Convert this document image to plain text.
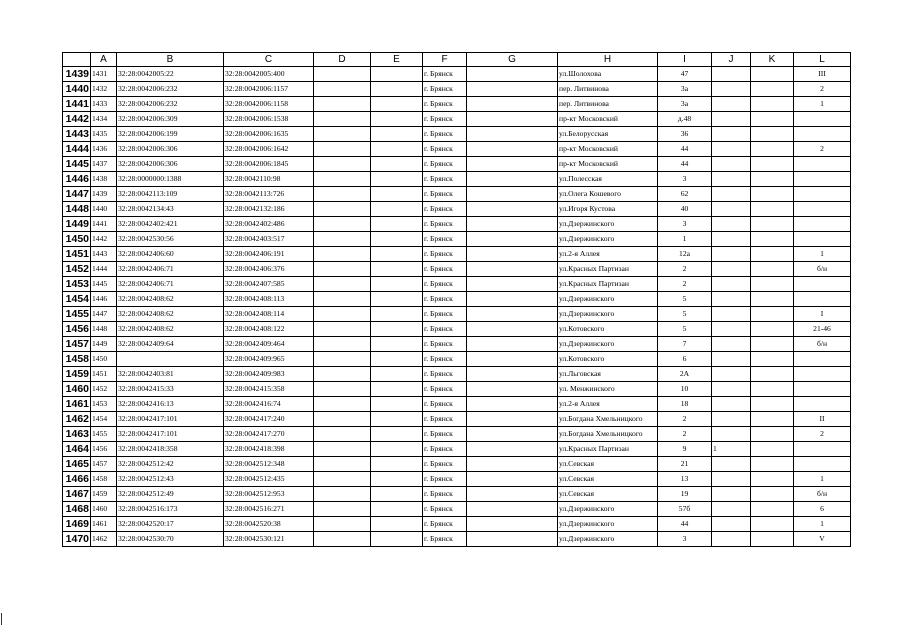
	A	B	C	D	E	F	G	H	I	J	K	L
1439	1431	32:28:0042005:22	32:28:0042005:400			г. Брянск		ул.Шолохова	47			III
1440	1432	32:28:0042006:232	32:28:0042006:1157			г. Брянск		пер. Литвинова	3а			2
1441	1433	32:28:0042006:232	32:28:0042006:1158			г. Брянск		пер. Литвинова	3а			1
1442	1434	32:28:0042006:309	32:28:0042006:1538			г. Брянск		пр-кт Московский	д.48			
1443	1435	32:28:0042006:199	32:28:0042006:1635			г. Брянск		ул.Белорусская	36			
1444	1436	32:28:0042006:306	32:28:0042006:1642			г. Брянск		пр-кт Московский	44			2
1445	1437	32:28:0042006:306	32:28:0042006:1845			г. Брянск		пр-кт Московский	44			
1446	1438	32:28:0000000:1388	32:28:0042110:98			г. Брянск		ул.Полесская	3			
1447	1439	32:28:0042113:109	32:28:0042113:726			г. Брянск		ул.Олега Кошевого	62			
1448	1440	32:28:0042134:43	32:28:0042132:186			г. Брянск		ул.Игоря Кустова	40			
1449	1441	32:28:0042402:421	32:28:0042402:486			г. Брянск		ул.Дзержинского	3			
1450	1442	32:28:0042530:56	32:28:0042403:517			г. Брянск		ул.Дзержинского	1			
1451	1443	32:28:0042406:60	32:28:0042406:191			г. Брянск		ул.2-я Аллея	12а			1
1452	1444	32:28:0042406:71	32:28:0042406:376			г. Брянск		ул.Красных Партизан	2			б/н
1453	1445	32:28:0042406:71	32:28:0042407:585			г. Брянск		ул.Красных Партизан	2			
1454	1446	32:28:0042408:62	32:28:0042408:113			г. Брянск		ул.Дзержинского	5			
1455	1447	32:28:0042408:62	32:28:0042408:114			г. Брянск		ул.Дзержинского	5			I
1456	1448	32:28:0042408:62	32:28:0042408:122			г. Брянск		ул.Котовского	5			21-46
1457	1449	32:28:0042409:64	32:28:0042409:464			г. Брянск		ул.Дзержинского	7			б/н
1458	1450		32:28:0042409:965			г. Брянск		ул.Котовского	6			
1459	1451	32:28:0042403:81	32:28:0042409:983			г. Брянск		ул.Льговская	2А			
1460	1452	32:28:0042415:33	32:28:0042415:358			г. Брянск		ул. Менжинского	10			
1461	1453	32:28:0042416:13	32:28:0042416:74			г. Брянск		ул.2-я Аллея	18			
1462	1454	32:28:0042417:101	32:28:0042417:240			г. Брянск		ул.Богдана Хмельницкого	2			II
1463	1455	32:28:0042417:101	32:28:0042417:270			г. Брянск		ул.Богдана Хмельницкого	2			2
1464	1456	32:28:0042418:358	32:28:0042418:398			г. Брянск		ул.Красных Партизан	9	1		
1465	1457	32:28:0042512:42	32:28:0042512:348			г. Брянск		ул.Севская	21			
1466	1458	32:28:0042512:43	32:28:0042512:435			г. Брянск		ул.Севская	13			1
1467	1459	32:28:0042512:49	32:28:0042512:953			г. Брянск		ул.Севская	19			б/н
1468	1460	32:28:0042516:173	32:28:0042516:271			г. Брянск		ул.Дзержинского	57б			6
1469	1461	32:28:0042520:17	32:28:0042520:38			г. Брянск		ул.Дзержинского	44			1
1470	1462	32:28:0042530:70	32:28:0042530:121			г. Брянск		ул.Дзержинского	3			V
